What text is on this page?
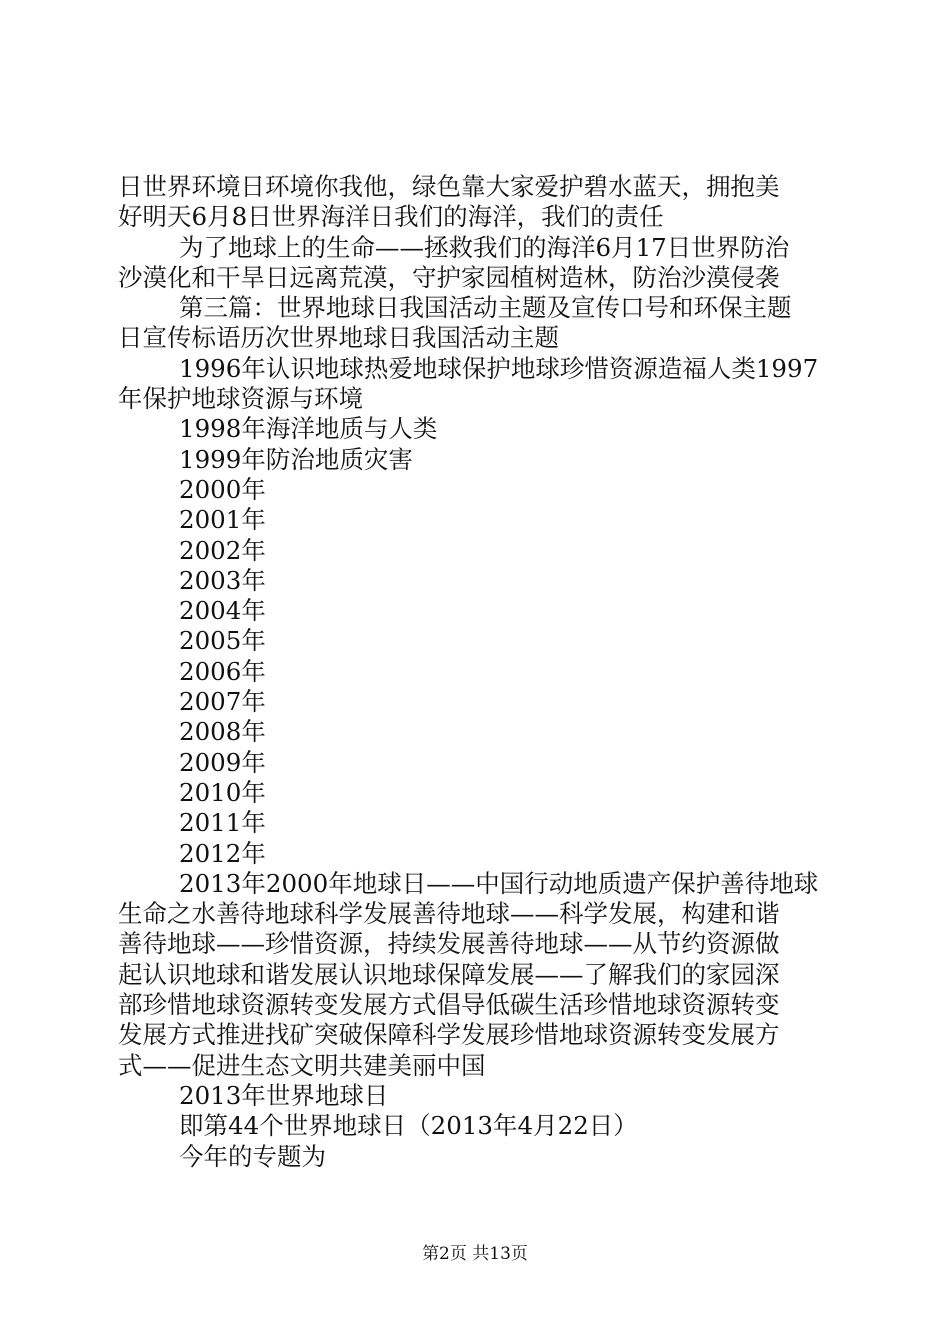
日世界环境日环境你我他，绿色靠大家爱护碧水蓝天，拥抱美
好明天6月8日世界海洋日我们的海洋，我们的责任
为了地球上的生命——拯救我们的海洋6月17日世界防治
沙漠化和干旱日远离荒漠，守护家园植树造林，防治沙漠侵袭
第三篇：世界地球日我国活动主题及宣传口号和环保主题
日宣传标语历次世界地球日我国活动主题
1996年认识地球热爱地球保护地球珍惜资源造福人类1997
年保护地球资源与环境
1998年海洋地质与人类
1999年防治地质灾害
2000年
2001年
2002年
2003年
2004年
2005年
2006年
2007年
2008年
2009年
2010年
2011年
2012年
2013年2000年地球日——中国行动地质遗产保护善待地球
生命之水善待地球科学发展善待地球——科学发展，构建和谐
善待地球——珍惜资源，持续发展善待地球——从节约资源做
起认识地球和谐发展认识地球保障发展——了解我们的家园深
部珍惜地球资源转变发展方式倡导低碳生活珍惜地球资源转变
发展方式推进找矿突破保障科学发展珍惜地球资源转变发展方
式——促进生态文明共建美丽中国
2013年世界地球日
即第44个世界地球日（2013年4月22日）
今年的专题为
第2页 共13页
